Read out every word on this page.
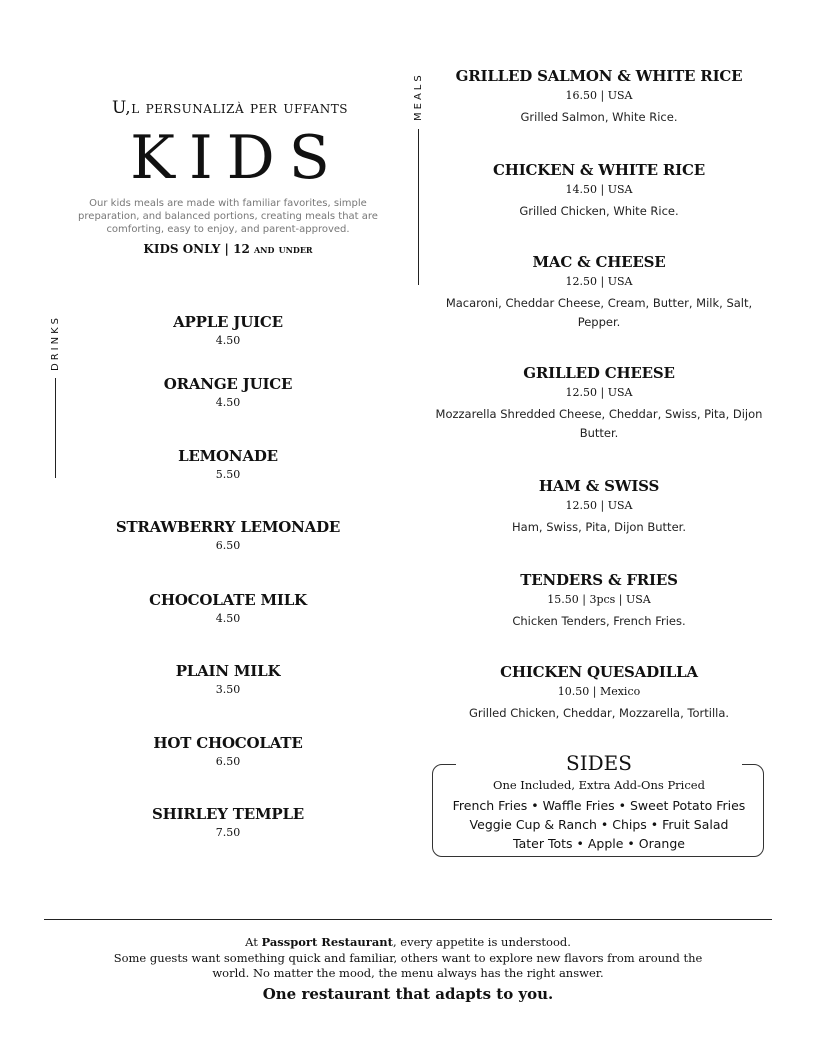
U,l persunalizà per uffants
KIDS
Our kids meals are made with familiar favorites, simple preparation, and balanced portions, creating meals that are comforting, easy to enjoy, and parent-approved.
KIDS ONLY | 12 and under
MEALS
DRINKS	APPLE JUICE
4.50
ORANGE JUICE
4.50
LEMONADE
5.50
STRAWBERRY LEMONADE
6.50
CHOCOLATE MILK
4.50
PLAIN MILK
3.50
HOT CHOCOLATE
6.50
SHIRLEY TEMPLE
7.50
GRILLED SALMON & WHITE RICE
16.50 | USA
Grilled Salmon, White Rice.
CHICKEN & WHITE RICE
14.50 | USA
Grilled Chicken, White Rice.
MAC & CHEESE
12.50 | USA
Macaroni, Cheddar Cheese, Cream, Butter, Milk, Salt, Pepper.
GRILLED CHEESE
12.50 | USA
Mozzarella Shredded Cheese, Cheddar, Swiss, Pita, Dijon Butter.
HAM & SWISS
12.50 | USA
Ham, Swiss, Pita, Dijon Butter.
TENDERS & FRIES
15.50 | 3pcs | USA
Chicken Tenders, French Fries.
CHICKEN QUESADILLA
10.50 | Mexico
Grilled Chicken, Cheddar, Mozzarella, Tortilla.
SIDES
One Included, Extra Add-Ons Priced
French Fries • Waffle Fries • Sweet Potato Fries
Veggie Cup & Ranch • Chips • Fruit Salad
Tater Tots • Apple • Orange
At Passport Restaurant, every appetite is understood.
Some guests want something quick and familiar, others want to explore new flavors from around the
world. No matter the mood, the menu always has the right answer.
One restaurant that adapts to you.
